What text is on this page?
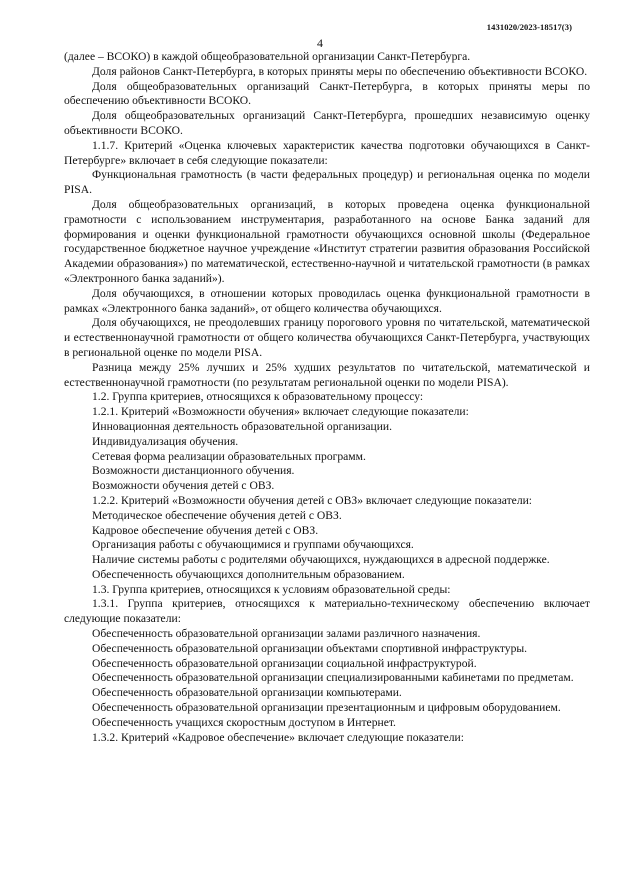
1431020/2023-18517(3)
4

(далее – ВСОКО) в каждой общеобразовательной организации Санкт-Петербурга.

Доля районов Санкт-Петербурга, в которых приняты меры по обеспечению объективности ВСОКО.

Доля общеобразовательных организаций Санкт-Петербурга, в которых приняты меры по обеспечению объективности ВСОКО.

Доля общеобразовательных организаций Санкт-Петербурга, прошедших независимую оценку объективности ВСОКО.

1.1.7. Критерий «Оценка ключевых характеристик качества подготовки обучающихся в Санкт-Петербурге» включает в себя следующие показатели:

Функциональная грамотность (в части федеральных процедур) и региональная оценка по модели PISA.

Доля общеобразовательных организаций, в которых проведена оценка функциональной грамотности с использованием инструментария, разработанного на основе Банка заданий для формирования и оценки функциональной грамотности обучающихся основной школы (Федеральное государственное бюджетное научное учреждение «Институт стратегии развития образования Российской Академии образования») по математической, естественно-научной и читательской грамотности (в рамках «Электронного банка заданий»).

Доля обучающихся, в отношении которых проводилась оценка функциональной грамотности в рамках «Электронного банка заданий», от общего количества обучающихся.

Доля обучающихся, не преодолевших границу порогового уровня по читательской, математической и естественнонаучной грамотности от общего количества обучающихся Санкт-Петербурга, участвующих в региональной оценке по модели PISA.

Разница между 25% лучших и 25% худших результатов по читательской, математической и естественнонаучной грамотности (по результатам региональной оценки по модели PISA).

1.2. Группа критериев, относящихся к образовательному процессу:

1.2.1. Критерий «Возможности обучения» включает следующие показатели:

Инновационная деятельность образовательной организации.

Индивидуализация обучения.

Сетевая форма реализации образовательных программ.

Возможности дистанционного обучения.

Возможности обучения детей с ОВЗ.

1.2.2. Критерий «Возможности обучения детей с ОВЗ» включает следующие показатели:

Методическое обеспечение обучения детей с ОВЗ.

Кадровое обеспечение обучения детей с ОВЗ.

Организация работы с обучающимися и группами обучающихся.

Наличие системы работы с родителями обучающихся, нуждающихся в адресной поддержке.

Обеспеченность обучающихся дополнительным образованием.

1.3. Группа критериев, относящихся к условиям образовательной среды:

1.3.1. Группа критериев, относящихся к материально-техническому обеспечению включает следующие показатели:

Обеспеченность образовательной организации залами различного назначения.

Обеспеченность образовательной организации объектами спортивной инфраструктуры.

Обеспеченность образовательной организации социальной инфраструктурой.

Обеспеченность образовательной организации специализированными кабинетами по предметам.

Обеспеченность образовательной организации компьютерами.

Обеспеченность образовательной организации презентационным и цифровым оборудованием.

Обеспеченность учащихся скоростным доступом в Интернет.

1.3.2. Критерий «Кадровое обеспечение» включает следующие показатели:
